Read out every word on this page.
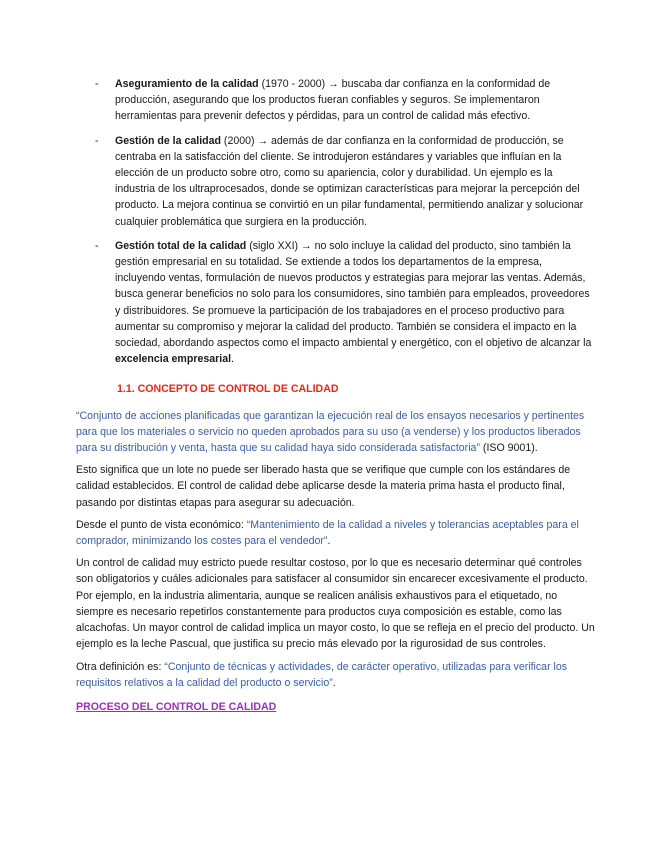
- Aseguramiento de la calidad (1970 - 2000) → buscaba dar confianza en la conformidad de producción, asegurando que los productos fueran confiables y seguros. Se implementaron herramientas para prevenir defectos y pérdidas, para un control de calidad más efectivo.
- Gestión de la calidad (2000) → además de dar confianza en la conformidad de producción, se centraba en la satisfacción del cliente. Se introdujeron estándares y variables que influían en la elección de un producto sobre otro, como su apariencia, color y durabilidad. Un ejemplo es la industria de los ultraprocesados, donde se optimizan características para mejorar la percepción del producto. La mejora continua se convirtió en un pilar fundamental, permitiendo analizar y solucionar cualquier problemática que surgiera en la producción.
- Gestión total de la calidad (siglo XXI) → no solo incluye la calidad del producto, sino también la gestión empresarial en su totalidad. Se extiende a todos los departamentos de la empresa, incluyendo ventas, formulación de nuevos productos y estrategias para mejorar las ventas. Además, busca generar beneficios no solo para los consumidores, sino también para empleados, proveedores y distribuidores. Se promueve la participación de los trabajadores en el proceso productivo para aumentar su compromiso y mejorar la calidad del producto. También se considera el impacto en la sociedad, abordando aspectos como el impacto ambiental y energético, con el objetivo de alcanzar la excelencia empresarial.
1.1. CONCEPTO DE CONTROL DE CALIDAD

“Conjunto de acciones planificadas que garantizan la ejecución real de los ensayos necesarios y pertinentes para que los materiales o servicio no queden aprobados para su uso (a venderse) y los productos liberados para su distribución y venta, hasta que su calidad haya sido considerada satisfactoria” (ISO 9001).

Esto significa que un lote no puede ser liberado hasta que se verifique que cumple con los estándares de calidad establecidos. El control de calidad debe aplicarse desde la materia prima hasta el producto final, pasando por distintas etapas para asegurar su adecuación.

Desde el punto de vista económico: “Mantenimiento de la calidad a niveles y tolerancias aceptables para el comprador, minimizando los costes para el vendedor”.

Un control de calidad muy estricto puede resultar costoso, por lo que es necesario determinar qué controles son obligatorios y cuáles adicionales para satisfacer al consumidor sin encarecer excesivamente el producto. Por ejemplo, en la industria alimentaria, aunque se realicen análisis exhaustivos para el etiquetado, no siempre es necesario repetirlos constantemente para productos cuya composición es estable, como las alcachofas. Un mayor control de calidad implica un mayor costo, lo que se refleja en el precio del producto. Un ejemplo es la leche Pascual, que justifica su precio más elevado por la rigurosidad de sus controles.

Otra definición es: “Conjunto de técnicas y actividades, de carácter operativo, utilizadas para verificar los requisitos relativos a la calidad del producto o servicio”.

PROCESO DEL CONTROL DE CALIDAD
